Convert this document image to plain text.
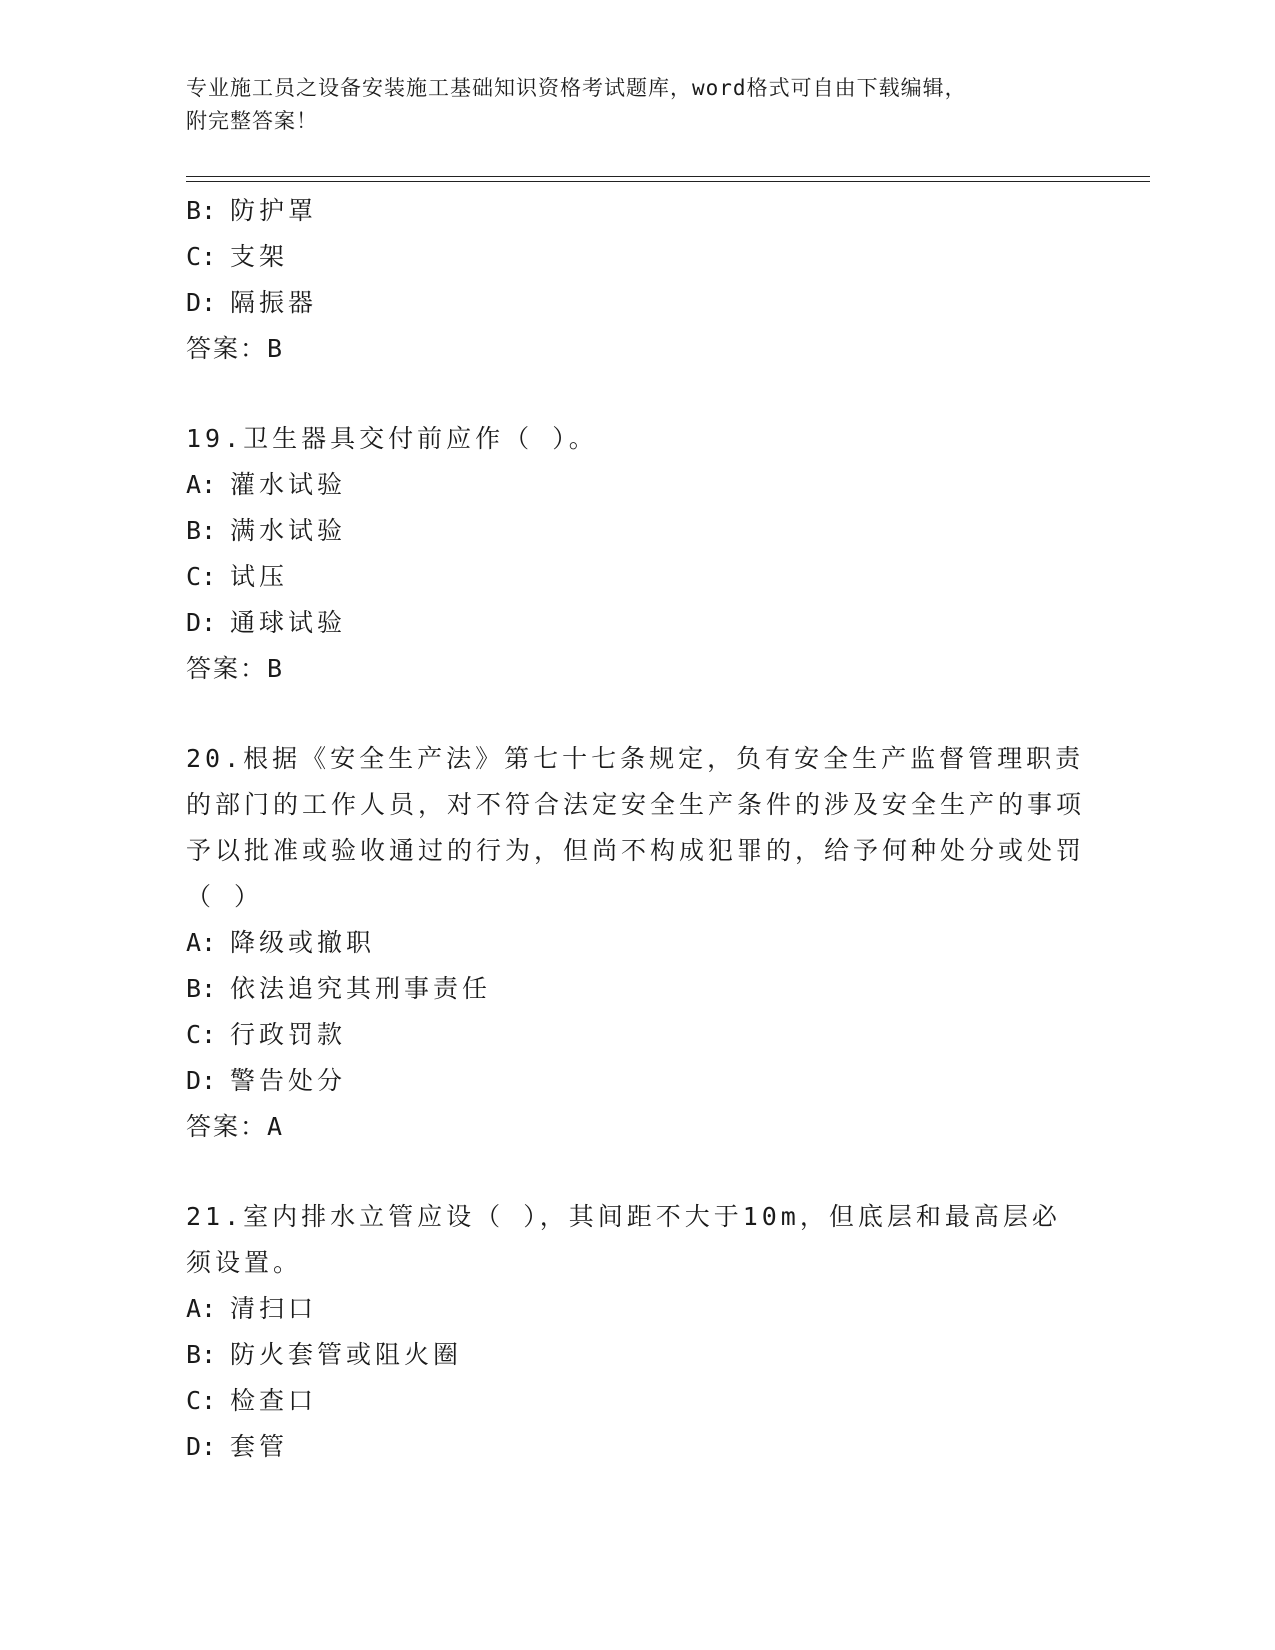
专业施工员之设备安装施工基础知识资格考试题库，word格式可自由下载编辑，
附完整答案！
B: 防护罩
C: 支架
D: 隔振器
答案：B
19.卫生器具交付前应作（ ）。
A: 灌水试验
B: 满水试验
C: 试压
D: 通球试验
答案：B
20.根据《安全生产法》第七十七条规定，负有安全生产监督管理职责的部门的工作人员，对不符合法定安全生产条件的涉及安全生产的事项予以批准或验收通过的行为，但尚不构成犯罪的，给予何种处分或处罚（ ）
A: 降级或撤职
B: 依法追究其刑事责任
C: 行政罚款
D: 警告处分
答案：A
21.室内排水立管应设（ ），其间距不大于10m，但底层和最高层必须设置。
A: 清扫口
B: 防火套管或阻火圈
C: 检查口
D: 套管
